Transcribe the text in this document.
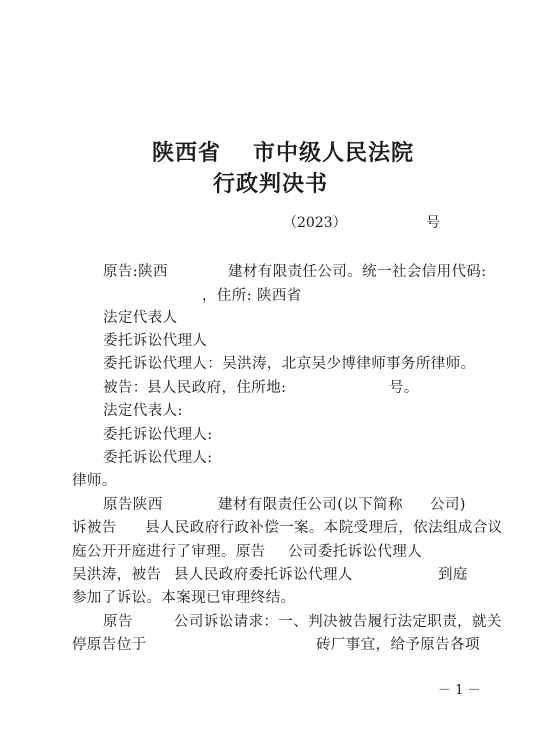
陕西省 市中级人民法院
行政判决书
（2023）	号
原告:陕西	建材有限责任公司。统一社会信用代码:
，住所: 陕西省
法定代表人
委托诉讼代理人
委托诉讼代理人：吴洪涛，北京吴少博律师事务所律师。
被告： 县人民政府，住所地:	号。
法定代表人:
委托诉讼代理人:
委托诉讼代理人:
律师。
原告陕西	建材有限责任公司(以下简称 公司)
诉被告 县人民政府行政补偿一案。本院受理后，依法组成合议
庭公开开庭进行了审理。原告 公司委托诉讼代理人
吴洪涛，被告 县人民政府委托诉讼代理人	到庭
参加了诉讼。本案现已审理终结。
原告	公司诉讼请求：一、判决被告履行法定职责，就关
停原告位于	砖厂事宜，给予原告各项
－ 1 －
